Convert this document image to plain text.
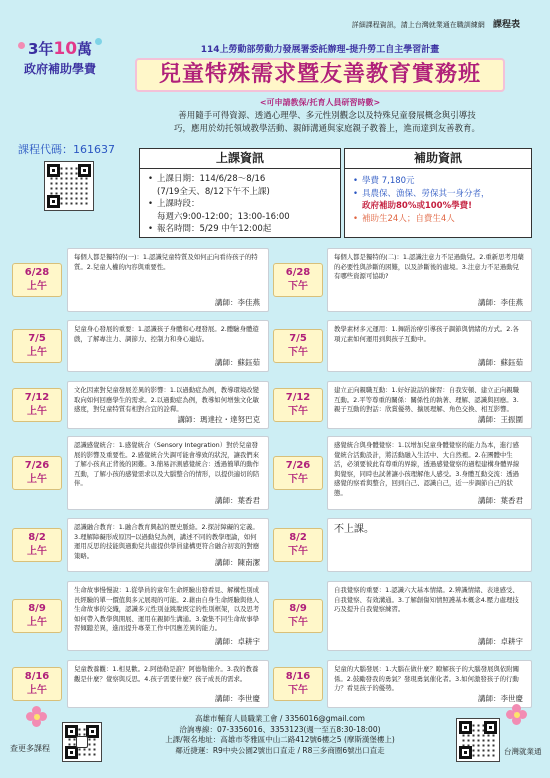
詳細課程資訊，請上台灣就業通在職訓練網 課程表
3年10萬
政府補助學費
114上勞動部勞動力發展署委託辦理-提升勞工自主學習計畫
兒童特殊需求暨友善教育實務班
<可申請教保/托育人員研習時數>
善用隨手可得資源、透過心理學、多元性別觀念以及特殊兒童發展概念與引導技
巧，應用於幼托領域教學活動、親師溝通與家庭親子教養上，進而達到友善教育。
課程代碼：161637
上課資訊
• 上課日期：114/6/28～8/16
(7/19全天、8/12下午不上課)
• 上課時段：
每週六9:00-12:00；13:00-16:00
• 報名時間：5/29 中午12:00起
補助資訊
• 學費 7,180元
• 具農保、漁保、勞保其一身分者，
政府補助80%或100%學費!
• 補助生24人；自費生4人
6/28
上午
每個人都是獨特的(一)：1.認識兒童特質及如何正向看待孩子的特質。2.兒童人權的內容與重要性。
講師：李佳燕
6/28
下午
每個人都是獨特的(二)：1.認識注意力不足過動兒。2.重新思考用藥的必要性與診斷的困難，以及診斷後的處境。3.注意力不足過動兒有哪些資源可協助?
講師：李佳燕
7/5
上午
兒童身心發展的重要：1.認識孩子身體和心理發展。2.體驗身體遊戲，了解專注力、調節力、控制力和身心連結。
講師：蘇鈺茹
7/5
下午
教學素材多元運用：1.舞蹈治療引導孩子調節與情緒的方式。2.各項元素如何運用到與孩子互動中。
講師：蘇鈺茹
7/12
上午
文化因素對兒童發展差異的影響：1.以過動症為例，教導環境改變取向如何回應學生的需求。2.以過動症為例，教導如何增強文化敏感度，對兒童特質有相對合宜的詮釋。
講師：瑪達拉・達努巴克
7/12
下午
建立正向親職互動：1.好好說話的練習：自我安頓、建立正向親職互動。2.平等尊重的關係：關係性的執著、理解、認識與回應。3.親子互動的對話：欣賞優勢、擴展理解、角色交換、相互影響。
講師：王振圍
7/26
上午
認識感覺統合：1.感覺統合（Sensory Integration）對於兒童發展的影響及重要性。2.感覺統合失調可能會導致的狀況，讓我們來了解小孩真正背後的困難。3.簡易評測感覺統合：透過簡單的動作互動，了解小孩的感覺需求以及大腦整合的情形，以提供適切的陪伴。
講師：葉香君
7/26
下午
感覺統合與身體覺察：1.以增加兒童身體覺察的能力為本，進行感覺統合活動設計，將活動融入生活中、大自然裡。2.在團體中生活，必須要彼此有尊重的界線，透過感覺覺察的過程建構身體界線與覺察，同時也試著讓小孩理解他人感受。3.身體互動交流：透過感覺的察看與整合，回到自己、認識自己，近一步調節自己的狀態。
講師：葉香君
8/2
上午
認識融合教育：1.融合教育興起的歷史脈絡。2.探討障礙的定義。3.理解障礙形成原因─以過動兒為例，講述不同的教學理論，如何運用反思的技能與過動兒共處提供學員建構更符合融合初衷的對應策略。
講師：陳南潔
8/2
下午
不上課。
8/9
上午
生命故事慢慢說：1.從學員的童年生命經驗出發看見、解構性別成長經驗的單一價值與多元展現的可能。2.藉由自身生命經驗與他人生命故事的交織，認識多元性別並跳脫既定的性別框架，以及思考如何帶入教學與開展、運用在親師生溝通。3.彙集不同生命故事學習傾聽差異，進而提升專業工作中因應差異的能力。
講師：卓耕宇
8/9
下午
自我覺察的重要：1.認識六大基本情緒。2.辨識情緒、表達感受、自我覺察、有效溝通。3.了解創傷知情照護基本概念4.壓力處理技巧及提升自我覺察練習。
講師：卓耕宇
8/16
上午
兒童教養觀：1.相見歡。2.阿德勒是誰？阿德勒簡介。3.我的教養觀是什麼？覺察與反思。4.孩子需要什麼？孩子成長的需求。
講師：李世慶
8/16
下午
兒童的大腦發展：1.大腦在做什麼？瞭解孩子的大腦發展與依附關係。2.鼓勵發我的勇氣？發現勇氣催化者。3.如何激發孩子的行動力？看見孩子的優勢。
講師：李世慶
查更多課程
高雄市輔育人員職業工會 / 3356016@gmail.com
洽詢專線：07-3356016、3353123(週一至五8:30-18:00)
上課/報名地址：高雄市苓雅區中山二路412號6樓之5 (摩斯漢堡樓上)
鄰近捷運：R9中央公園2號出口直走 / R8三多商圈6號出口直走	台灣就業通
